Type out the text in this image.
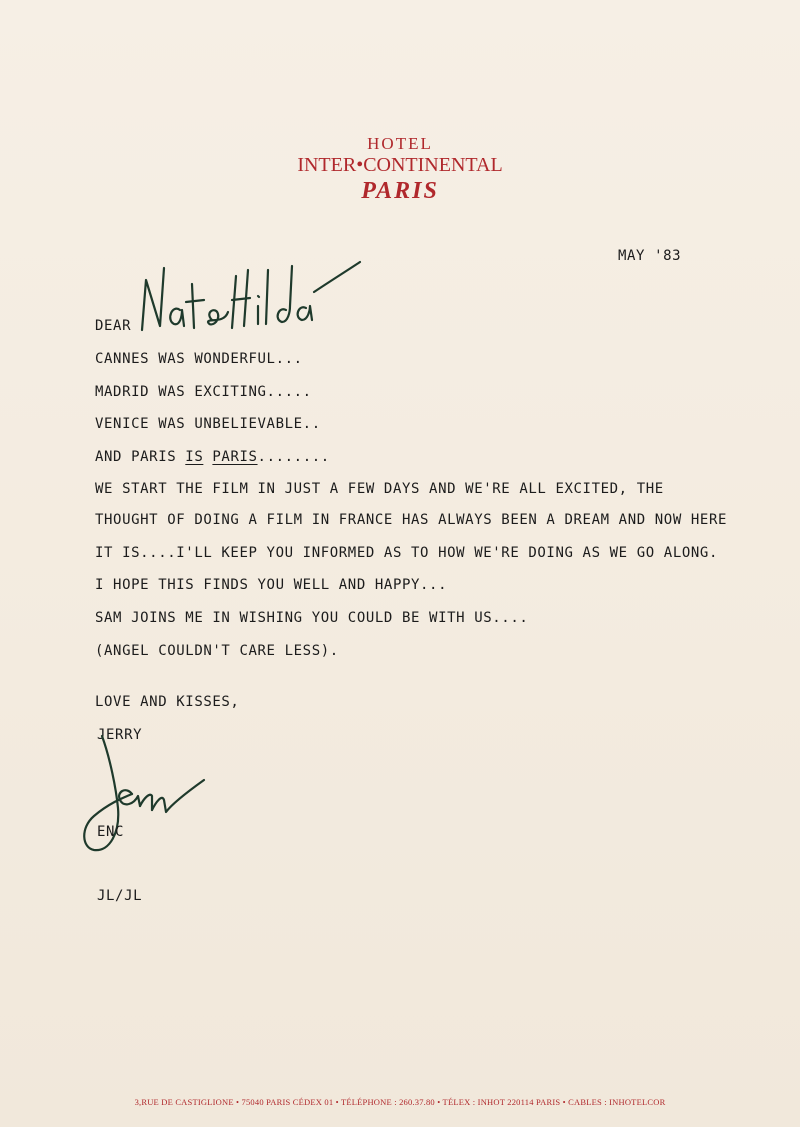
HOTEL
INTER•CONTINENTAL
PARIS
MAY '83
DEAR
CANNES WAS WONDERFUL...
MADRID WAS EXCITING.....
VENICE WAS UNBELIEVABLE..
AND PARIS IS PARIS........
WE START THE FILM IN JUST A FEW DAYS AND WE'RE ALL EXCITED, THE
THOUGHT OF DOING A FILM IN FRANCE HAS ALWAYS BEEN A DREAM AND NOW HERE
IT IS....I'LL KEEP YOU INFORMED AS TO HOW WE'RE DOING AS WE GO ALONG.
I HOPE THIS FINDS YOU WELL AND HAPPY...
SAM JOINS ME IN WISHING YOU COULD BE WITH US....
(ANGEL COULDN'T CARE LESS).
LOVE AND KISSES,
JERRY
ENC
JL/JL
3,RUE DE CASTIGLIONE • 75040 PARIS CÉDEX 01 • TÉLÉPHONE : 260.37.80 • TÉLEX : INHOT 220114 PARIS • CABLES : INHOTELCOR
